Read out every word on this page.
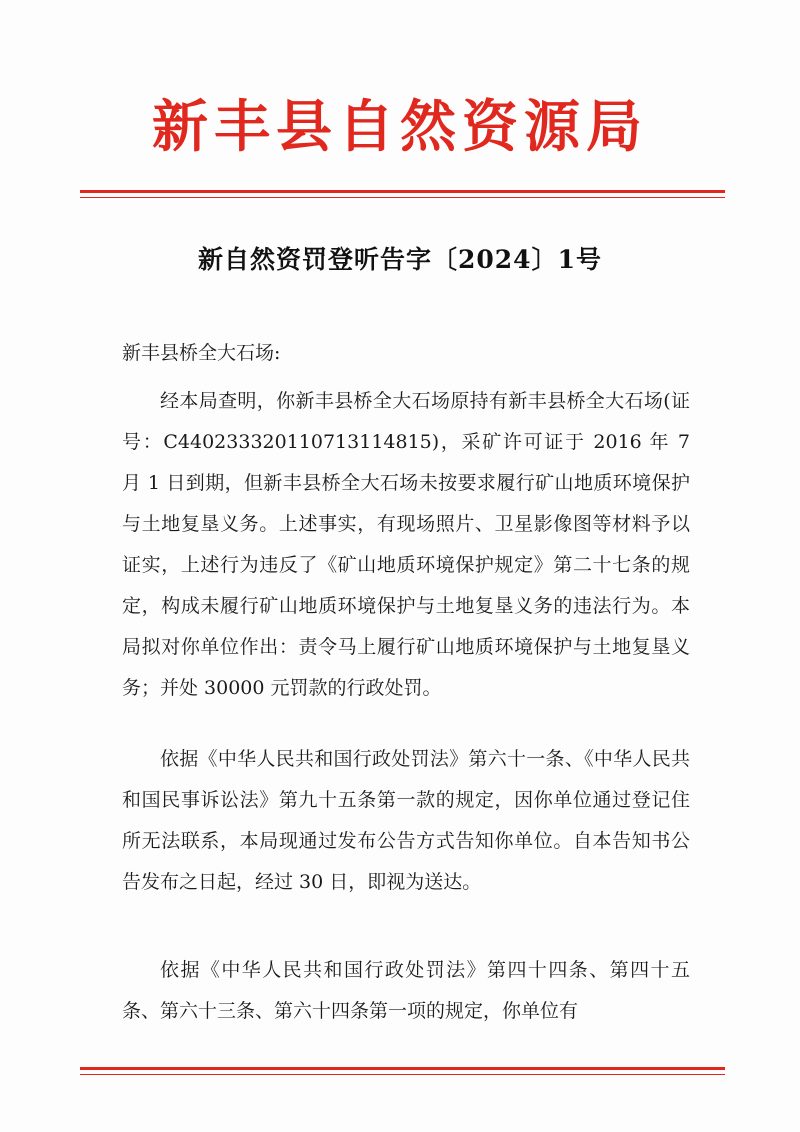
新丰县自然资源局
新自然资罚登听告字〔2024〕1号
新丰县桥全大石场:

经本局查明，你新丰县桥全大石场原持有新丰县桥全大石场(证号：C4402333201107131148​15)，采矿许可证于 2016 年 7 月 1 日到期，但新丰县桥全大石场未按要求履行矿山地质环境保护与土地复垦义务。上述事实，有现场照片、卫星影像图等材料予以证实，上述行为违反了《矿山地质环境保护规定》第二十七条的规定，构成未履行矿山地质环境保护与土地复垦义务的违法行为。本局拟对你单位作出：责令马上履行矿山地质环境保护与土地复垦义务；并处 30000 元罚款的行政处罚。

依据《中华人民共和国行政处罚法》第六十一条、《中华人民共和国民事诉讼法》第九十五条第一款的规定，因你单位通过登记住所无法联系，本局现通过发布公告方式告知你单位。自本告知书公告发布之日起，经过 30 日，即视为送达。

依据《中华人民共和国行政处罚法》第四十四条、第四十五条、第六十三条、第六十四条第一项的规定，你单位有
